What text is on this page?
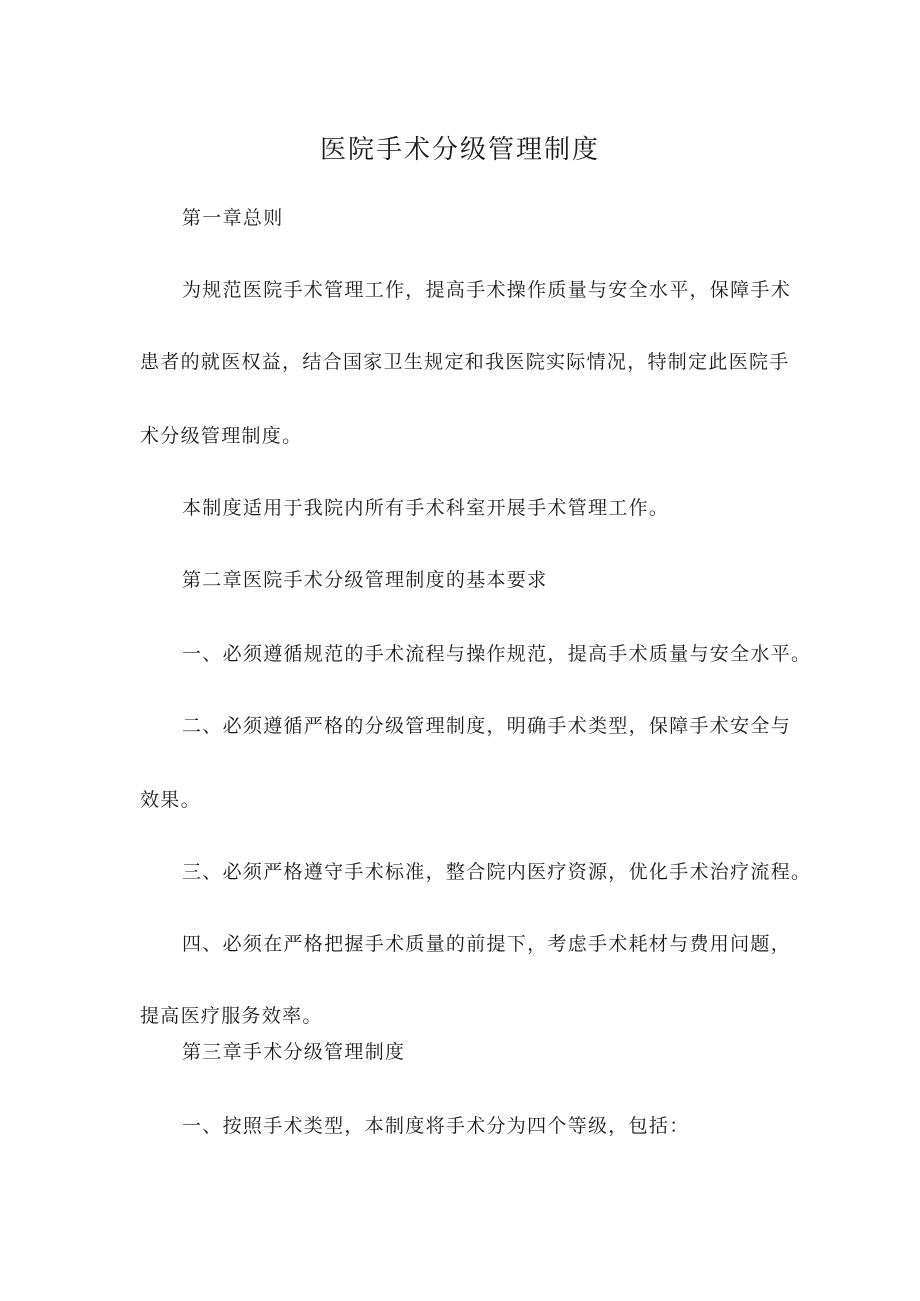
医院手术分级管理制度
第一章总则
为规范医院手术管理工作，提高手术操作质量与安全水平，保障手术
患者的就医权益，结合国家卫生规定和我医院实际情况，特制定此医院手
术分级管理制度。
本制度适用于我院内所有手术科室开展手术管理工作。
第二章医院手术分级管理制度的基本要求
一、必须遵循规范的手术流程与操作规范，提高手术质量与安全水平。
二、必须遵循严格的分级管理制度，明确手术类型，保障手术安全与
效果。
三、必须严格遵守手术标准，整合院内医疗资源，优化手术治疗流程。
四、必须在严格把握手术质量的前提下，考虑手术耗材与费用问题，
提高医疗服务效率。
第三章手术分级管理制度
一、按照手术类型，本制度将手术分为四个等级，包括：
